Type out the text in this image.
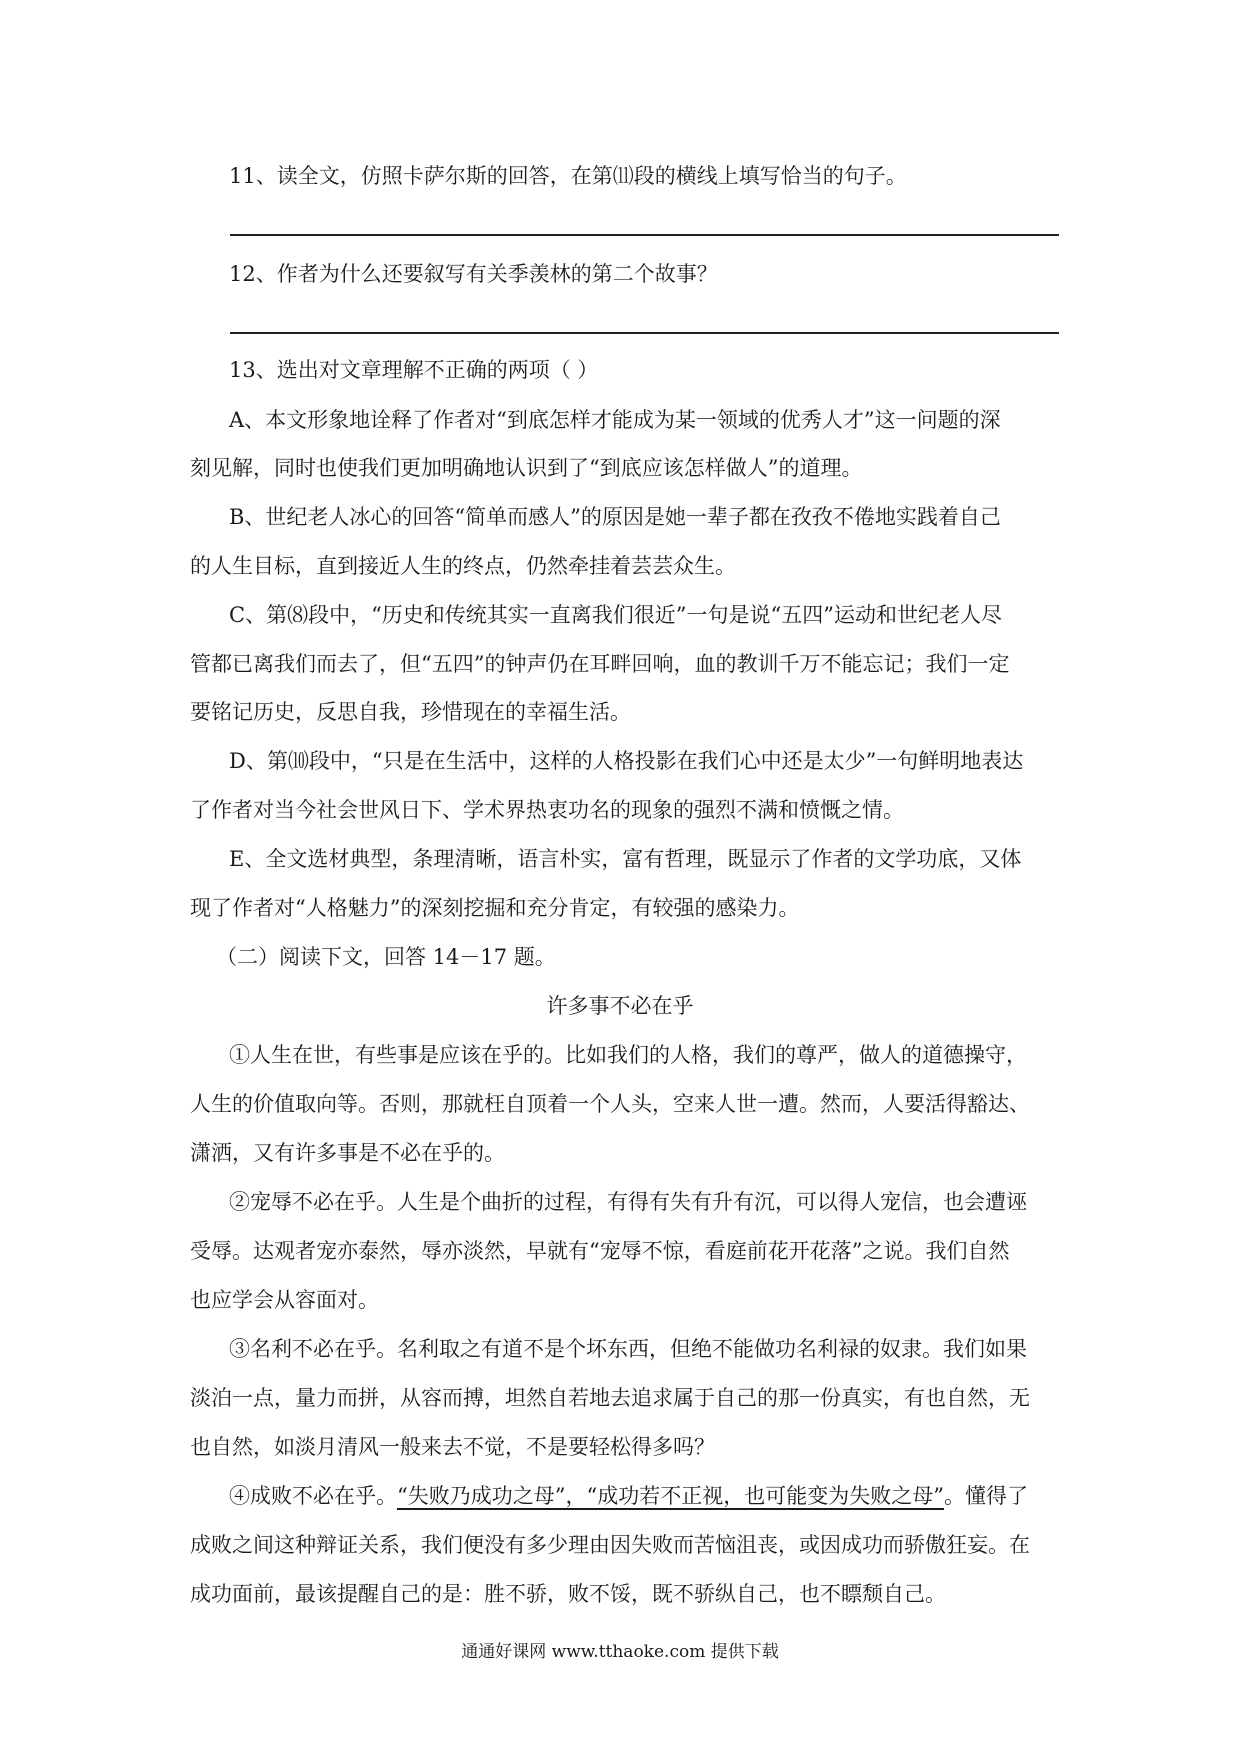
11、读全文，仿照卡萨尔斯的回答，在第⑾段的横线上填写恰当的句子。
12、作者为什么还要叙写有关季羡林的第二个故事？
13、选出对文章理解不正确的两项（ ）
A、本文形象地诠释了作者对“到底怎样才能成为某一领域的优秀人才”这一问题的深
刻见解，同时也使我们更加明确地认识到了“到底应该怎样做人”的道理。
B、世纪老人冰心的回答“简单而感人”的原因是她一辈子都在孜孜不倦地实践着自己
的人生目标，直到接近人生的终点，仍然牵挂着芸芸众生。
C、第⑻段中，“历史和传统其实一直离我们很近”一句是说“五四”运动和世纪老人尽
管都已离我们而去了，但“五四”的钟声仍在耳畔回响，血的教训千万不能忘记；我们一定
要铭记历史，反思自我，珍惜现在的幸福生活。
D、第⑽段中，“只是在生活中，这样的人格投影在我们心中还是太少”一句鲜明地表达
了作者对当今社会世风日下、学术界热衷功名的现象的强烈不满和愤慨之情。
E、全文选材典型，条理清晰，语言朴实，富有哲理，既显示了作者的文学功底，又体
现了作者对“人格魅力”的深刻挖掘和充分肯定，有较强的感染力。
（二）阅读下文，回答 14－17 题。
许多事不必在乎
①人生在世，有些事是应该在乎的。比如我们的人格，我们的尊严，做人的道德操守，
人生的价值取向等。否则，那就枉自顶着一个人头，空来人世一遭。然而，人要活得豁达、
潇洒，又有许多事是不必在乎的。
②宠辱不必在乎。人生是个曲折的过程，有得有失有升有沉，可以得人宠信，也会遭诬
受辱。达观者宠亦泰然，辱亦淡然，早就有“宠辱不惊，看庭前花开花落”之说。我们自然
也应学会从容面对。
③名利不必在乎。名利取之有道不是个坏东西，但绝不能做功名利禄的奴隶。我们如果
淡泊一点，量力而拼，从容而搏，坦然自若地去追求属于自己的那一份真实，有也自然，无
也自然，如淡月清风一般来去不觉，不是要轻松得多吗？
④成败不必在乎。“失败乃成功之母”，“成功若不正视，也可能变为失败之母”。懂得了
成败之间这种辩证关系，我们便没有多少理由因失败而苦恼沮丧，或因成功而骄傲狂妄。在
成功面前，最该提醒自己的是：胜不骄，败不馁，既不骄纵自己，也不瞟颓自己。
通通好课网 www.tthaoke.com 提供下载
